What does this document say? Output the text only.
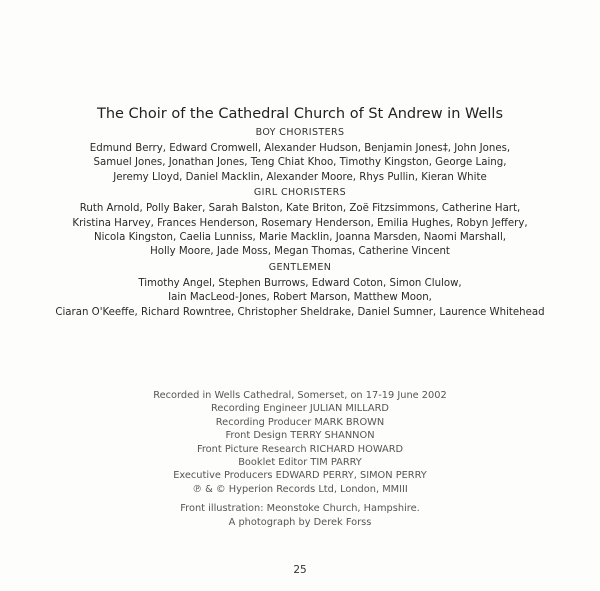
The Choir of the Cathedral Church of St Andrew in Wells
BOY CHORISTERS
Edmund Berry, Edward Cromwell, Alexander Hudson, Benjamin Jones‡, John Jones,
Samuel Jones, Jonathan Jones, Teng Chiat Khoo, Timothy Kingston, George Laing,
Jeremy Lloyd, Daniel Macklin, Alexander Moore, Rhys Pullin, Kieran White
GIRL CHORISTERS
Ruth Arnold, Polly Baker, Sarah Balston, Kate Briton, Zoë Fitzsimmons, Catherine Hart,
Kristina Harvey, Frances Henderson, Rosemary Henderson, Emilia Hughes, Robyn Jeffery,
Nicola Kingston, Caelia Lunniss, Marie Macklin, Joanna Marsden, Naomi Marshall,
Holly Moore, Jade Moss, Megan Thomas, Catherine Vincent
GENTLEMEN
Timothy Angel, Stephen Burrows, Edward Coton, Simon Clulow,
Iain MacLeod-Jones, Robert Marson, Matthew Moon,
Ciaran O'Keeffe, Richard Rowntree, Christopher Sheldrake, Daniel Sumner, Laurence Whitehead
Recorded in Wells Cathedral, Somerset, on 17-19 June 2002
Recording Engineer JULIAN MILLARD
Recording Producer MARK BROWN
Front Design TERRY SHANNON
Front Picture Research RICHARD HOWARD
Booklet Editor TIM PARRY
Executive Producers EDWARD PERRY, SIMON PERRY
℗ & © Hyperion Records Ltd, London, MMIII
Front illustration: Meonstoke Church, Hampshire.
A photograph by Derek Forss
25
